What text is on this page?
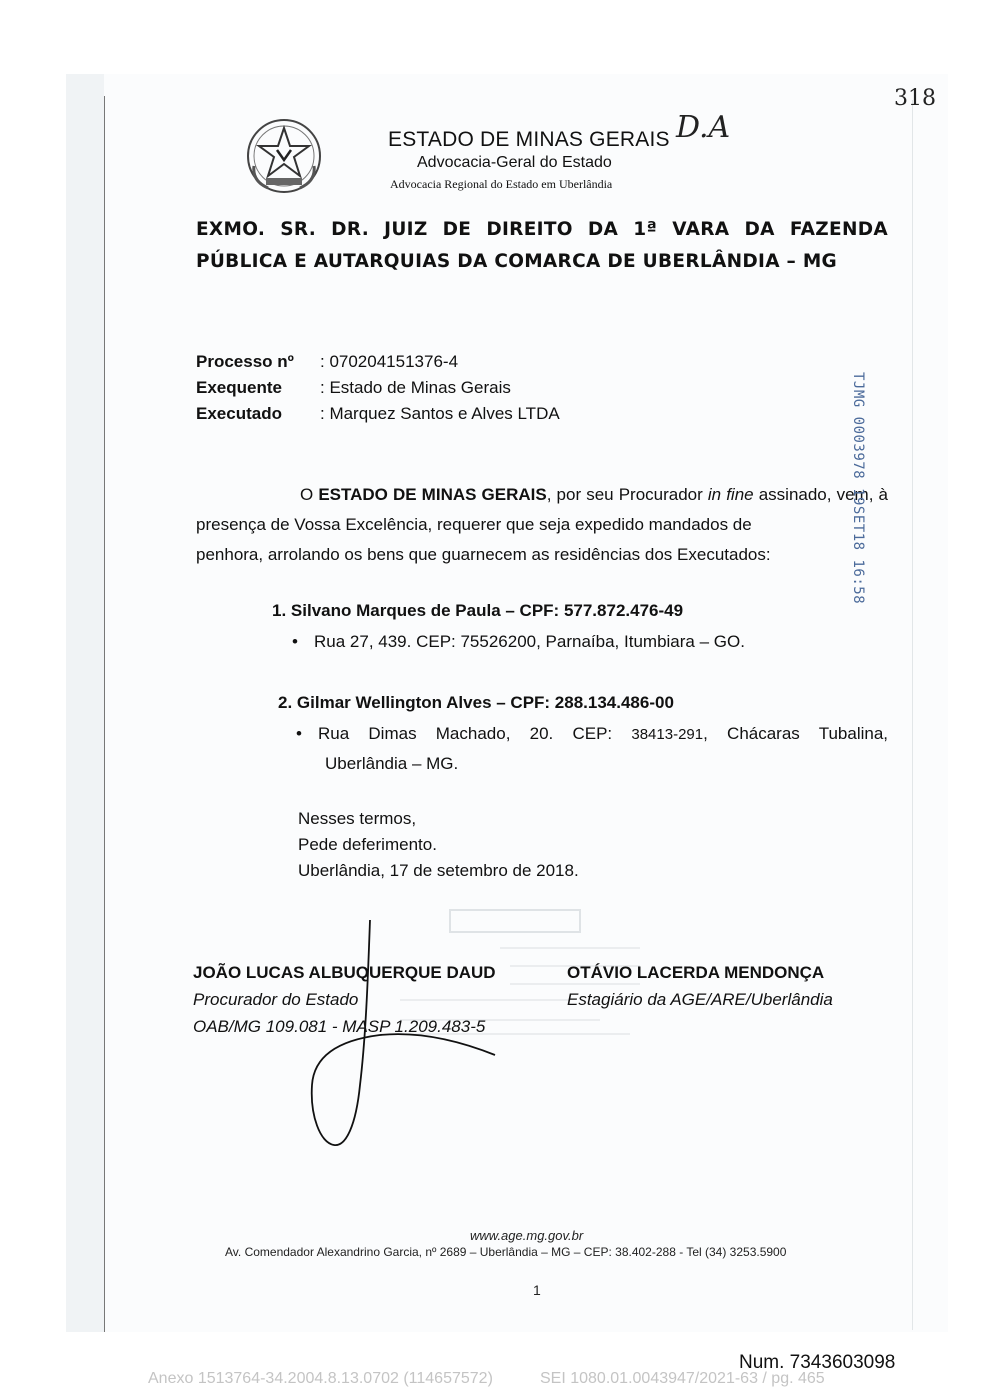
ESTADO DE MINAS GERAIS
Advocacia-Geral do Estado
Advocacia Regional do Estado em Uberlândia
D.A
318
EXMO. SR. DR. JUIZ DE DIREITO DA 1ª VARA DA FAZENDA
PÚBLICA E AUTARQUIAS DA COMARCA DE UBERLÂNDIA – MG
Processo nº : 070204151376-4
Exequente : Estado de Minas Gerais
Executado : Marquez Santos e Alves LTDA
O ESTADO DE MINAS GERAIS, por seu Procurador in fine assinado, vem, à presença de Vossa Excelência, requerer que seja expedido mandados de
penhora, arrolando os bens que guarnecem as residências dos Executados:	TJMG 0003978 19SET18 16:58
1. Silvano Marques de Paula – CPF: 577.872.476-49
• Rua 27, 439. CEP: 75526200, Parnaíba, Itumbiara – GO.
2. Gilmar Wellington Alves – CPF: 288.134.486-00
• Rua Dimas Machado, 20. CEP: 38413-291, Chácaras Tubalina,
Uberlândia – MG.
Nesses termos,
Pede deferimento.
Uberlândia, 17 de setembro de 2018.
JOÃO LUCAS ALBUQUERQUE DAUD
Procurador do Estado
OAB/MG 109.081 - MASP 1.209.483-5
OTÁVIO LACERDA MENDONÇA
Estagiário da AGE/ARE/Uberlândia
www.age.mg.gov.br
Av. Comendador Alexandrino Garcia, nº 2689 – Uberlândia – MG – CEP: 38.402-288 - Tel (34) 3253.5900
1
Num. 7343603098
Anexo 1513764-34.2004.8.13.0702 (114657572)	SEI 1080.01.0043947/2021-63 / pg. 465
